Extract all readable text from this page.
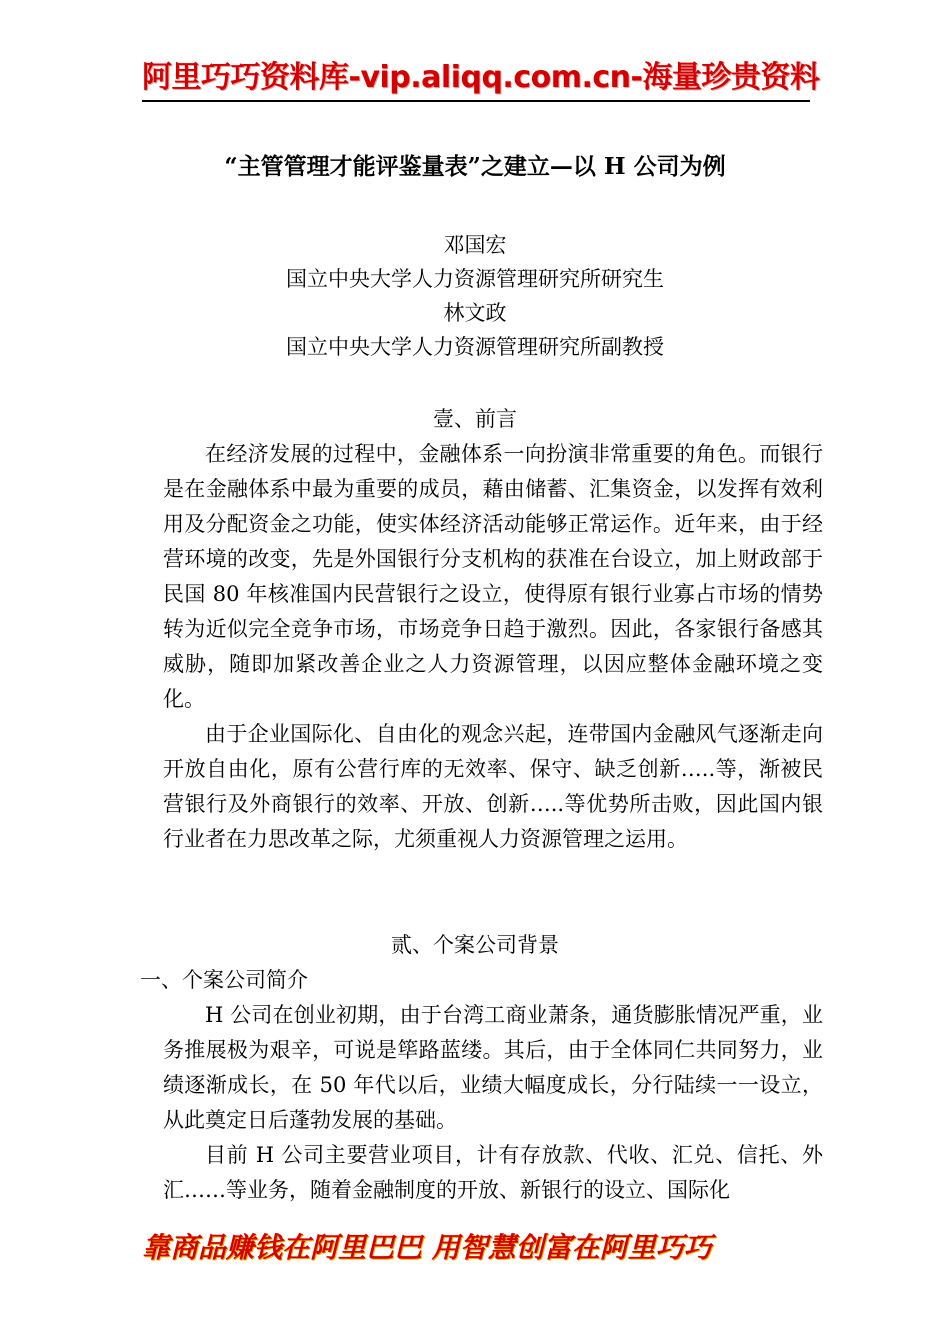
阿里巧巧资料库-vip.aliqq.com.cn-海量珍贵资料
“主管管理才能评鉴量表”之建立—以 H 公司为例
邓国宏
国立中央大学人力资源管理研究所研究生
林文政
国立中央大学人力资源管理研究所副教授
壹、前言

在经济发展的过程中，金融体系一向扮演非常重要的角色。而银行是在金融体系中最为重要的成员，藉由储蓄、汇集资金，以发挥有效利用及分配资金之功能，使实体经济活动能够正常运作。近年来，由于经营环境的改变，先是外国银行分支机构的获准在台设立，加上财政部于民国 80 年核准国内民营银行之设立，使得原有银行业寡占市场的情势转为近似完全竞争市场，市场竞争日趋于激烈。因此，各家银行备感其威胁，随即加紧改善企业之人力资源管理，以因应整体金融环境之变化。

由于企业国际化、自由化的观念兴起，连带国内金融风气逐渐走向开放自由化，原有公营行库的无效率、保守、缺乏创新…..等，渐被民营银行及外商银行的效率、开放、创新…..等优势所击败，因此国内银行业者在力思改革之际，尤须重视人力资源管理之运用。

贰、个案公司背景
一、个案公司简介

H 公司在创业初期，由于台湾工商业萧条，通货膨胀情况严重，业务推展极为艰辛，可说是筚路蓝缕。其后，由于全体同仁共同努力，业绩逐渐成长，在 50 年代以后，业绩大幅度成长，分行陆续一一设立，从此奠定日后蓬勃发展的基础。

目前 H 公司主要营业项目，计有存放款、代收、汇兑、信托、外汇……等业务，随着金融制度的开放、新银行的设立、国际化

靠商品赚钱在阿里巴巴 用智慧创富在阿里巧巧
